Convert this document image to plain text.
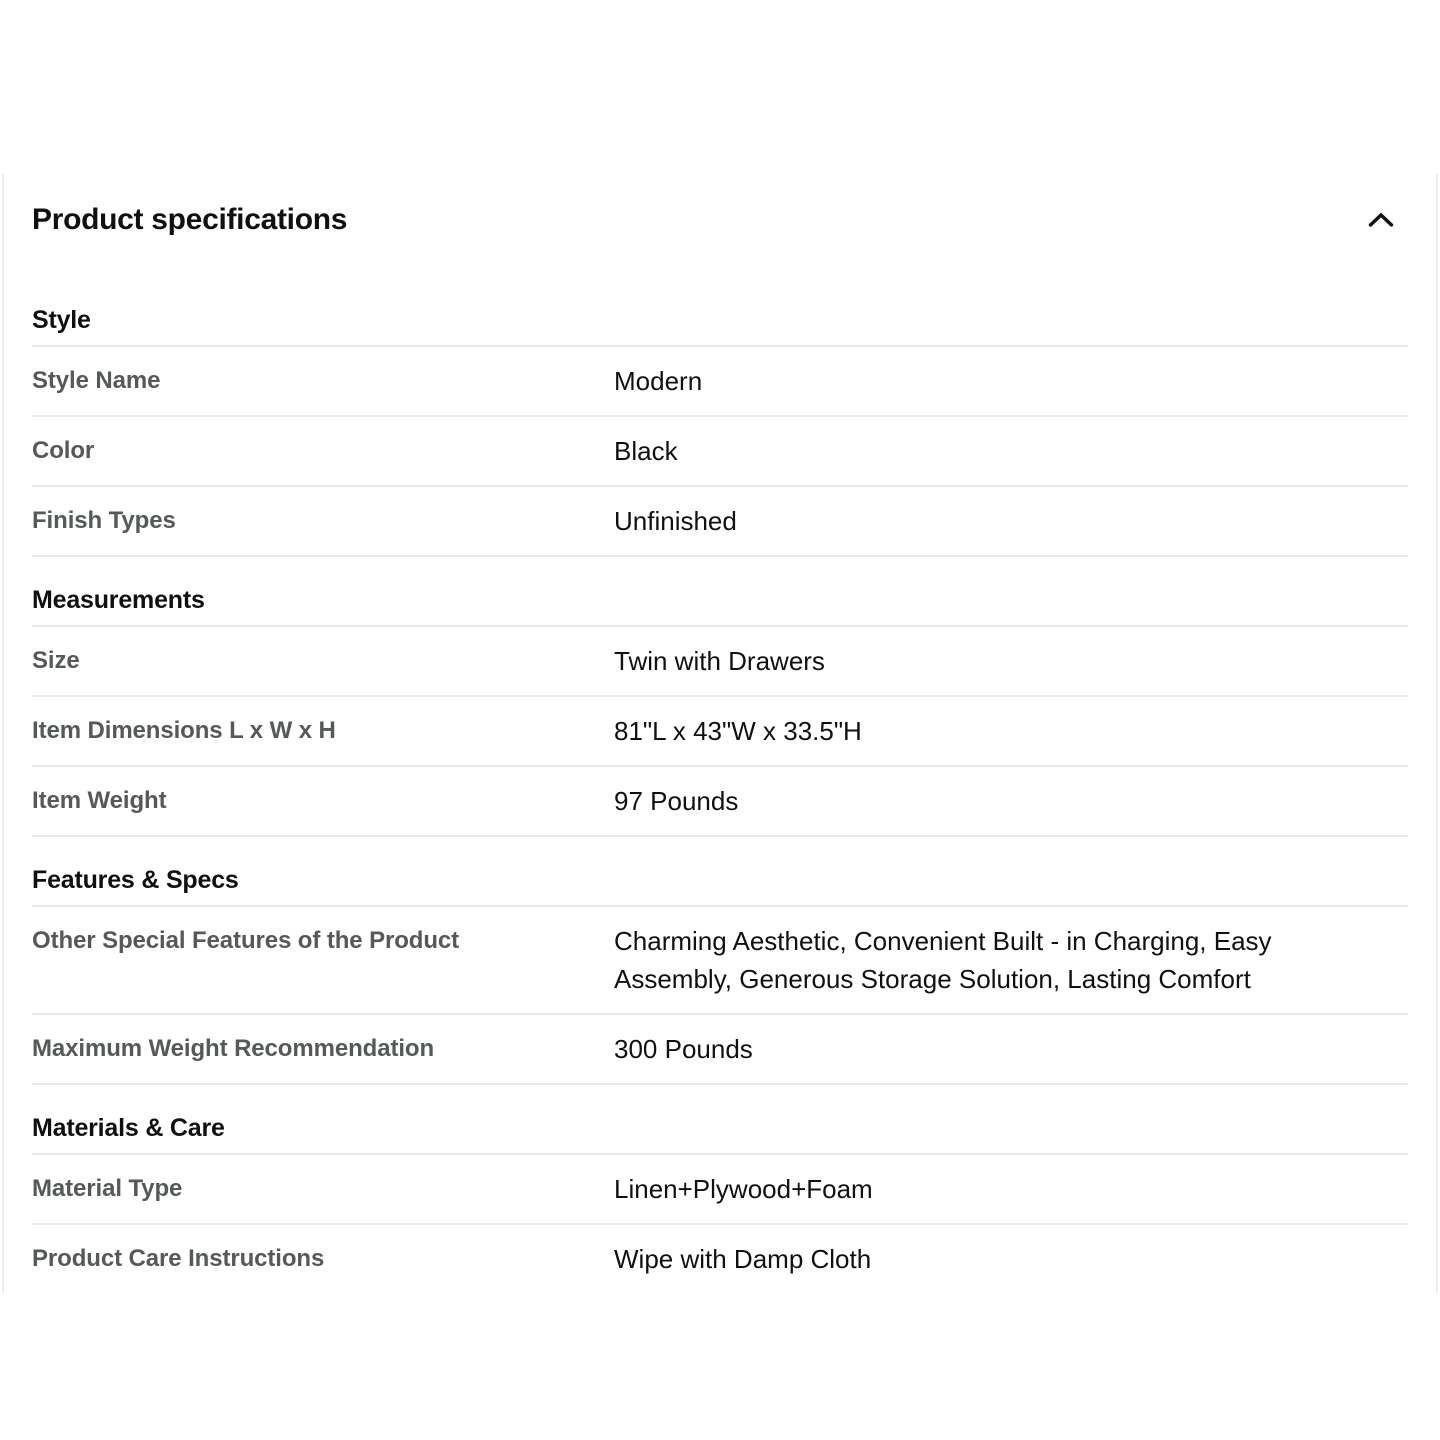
Product specifications
Style
Style Name	Modern
Color	Black
Finish Types	Unfinished
Measurements
Size	Twin with Drawers
Item Dimensions L x W x H	81"L x 43"W x 33.5"H
Item Weight	97 Pounds
Features & Specs
Other Special Features of the Product	Charming Aesthetic, Convenient Built - in Charging, Easy Assembly, Generous Storage Solution, Lasting Comfort
Maximum Weight Recommendation	300 Pounds
Materials & Care
Material Type	Linen+Plywood+Foam
Product Care Instructions	Wipe with Damp Cloth
